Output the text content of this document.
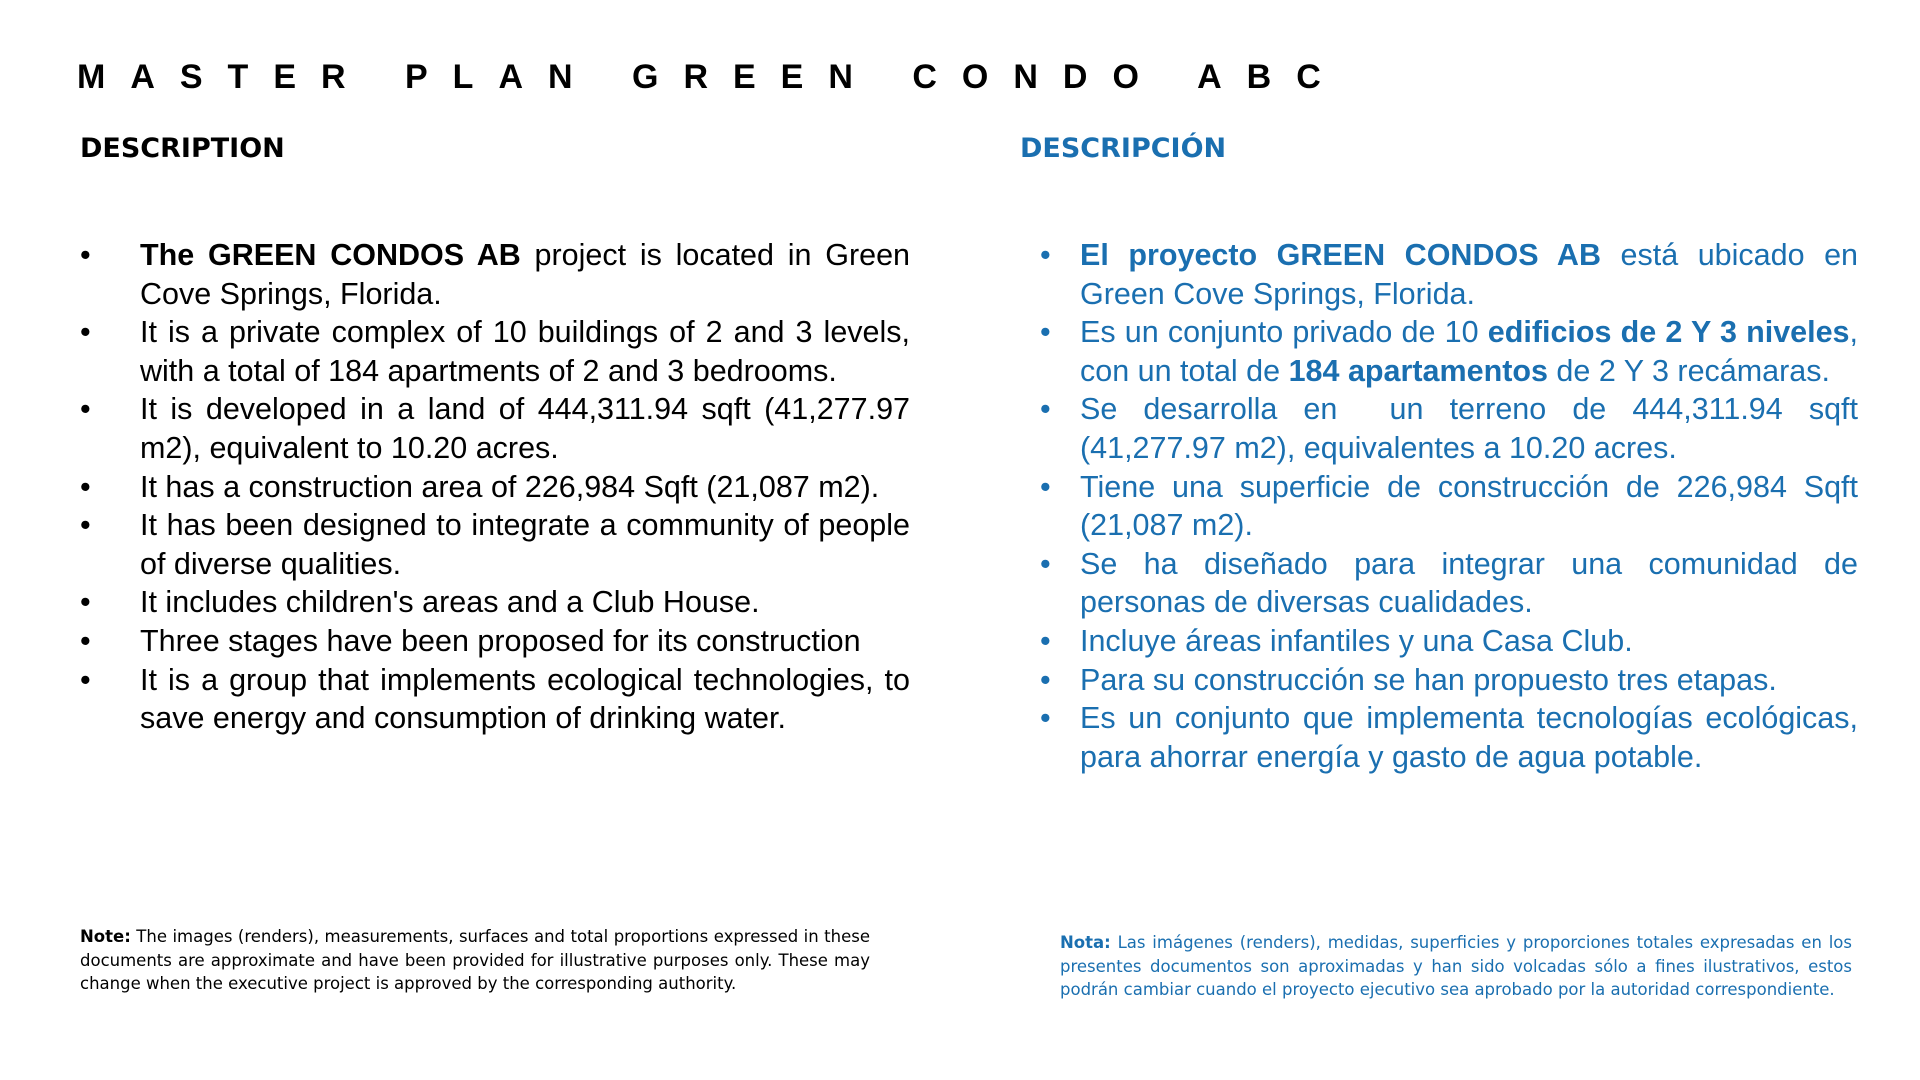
MASTER PLAN GREEN CONDO ABC
DESCRIPTION
•	The GREEN CONDOS AB project is located in Green Cove Springs, Florida.
•	It is a private complex of 10 buildings of 2 and 3 levels, with a total of 184 apartments of 2 and 3 bedrooms.
•	It is developed in a land of 444,311.94 sqft (41,277.97 m2), equivalent to 10.20 acres.
•	It has a construction area of 226,984 Sqft (21,087 m2).
•	It has been designed to integrate a community of people of diverse qualities.
•	It includes children's areas and a Club House.
•	Three stages have been proposed for its construction
•	It is a group that implements ecological technologies, to save energy and consumption of drinking water.

Note: The images (renders), measurements, surfaces and total proportions expressed in these documents are approximate and have been provided for illustrative purposes only. These may change when the executive project is approved by the corresponding authority.

DESCRIPCIÓN
• El proyecto GREEN CONDOS AB está ubicado en Green Cove Springs, Florida.
• Es un conjunto privado de 10 edificios de 2 Y 3 niveles, con un total de 184 apartamentos de 2 Y 3 recámaras.
• Se desarrolla en  un terreno de 444,311.94 sqft (41,277.97 m2), equivalentes a 10.20 acres.
• Tiene una superficie de construcción de 226,984 Sqft (21,087 m2).
• Se ha diseñado para integrar una comunidad de personas de diversas cualidades.
• Incluye áreas infantiles y una Casa Club.
• Para su construcción se han propuesto tres etapas.
• Es un conjunto que implementa tecnologías ecológicas, para ahorrar energía y gasto de agua potable.

Nota: Las imágenes (renders), medidas, superficies y proporciones totales expresadas en los presentes documentos son aproximadas y han sido volcadas sólo a fines ilustrativos, estos podrán cambiar cuando el proyecto ejecutivo sea aprobado por la autoridad correspondiente.
